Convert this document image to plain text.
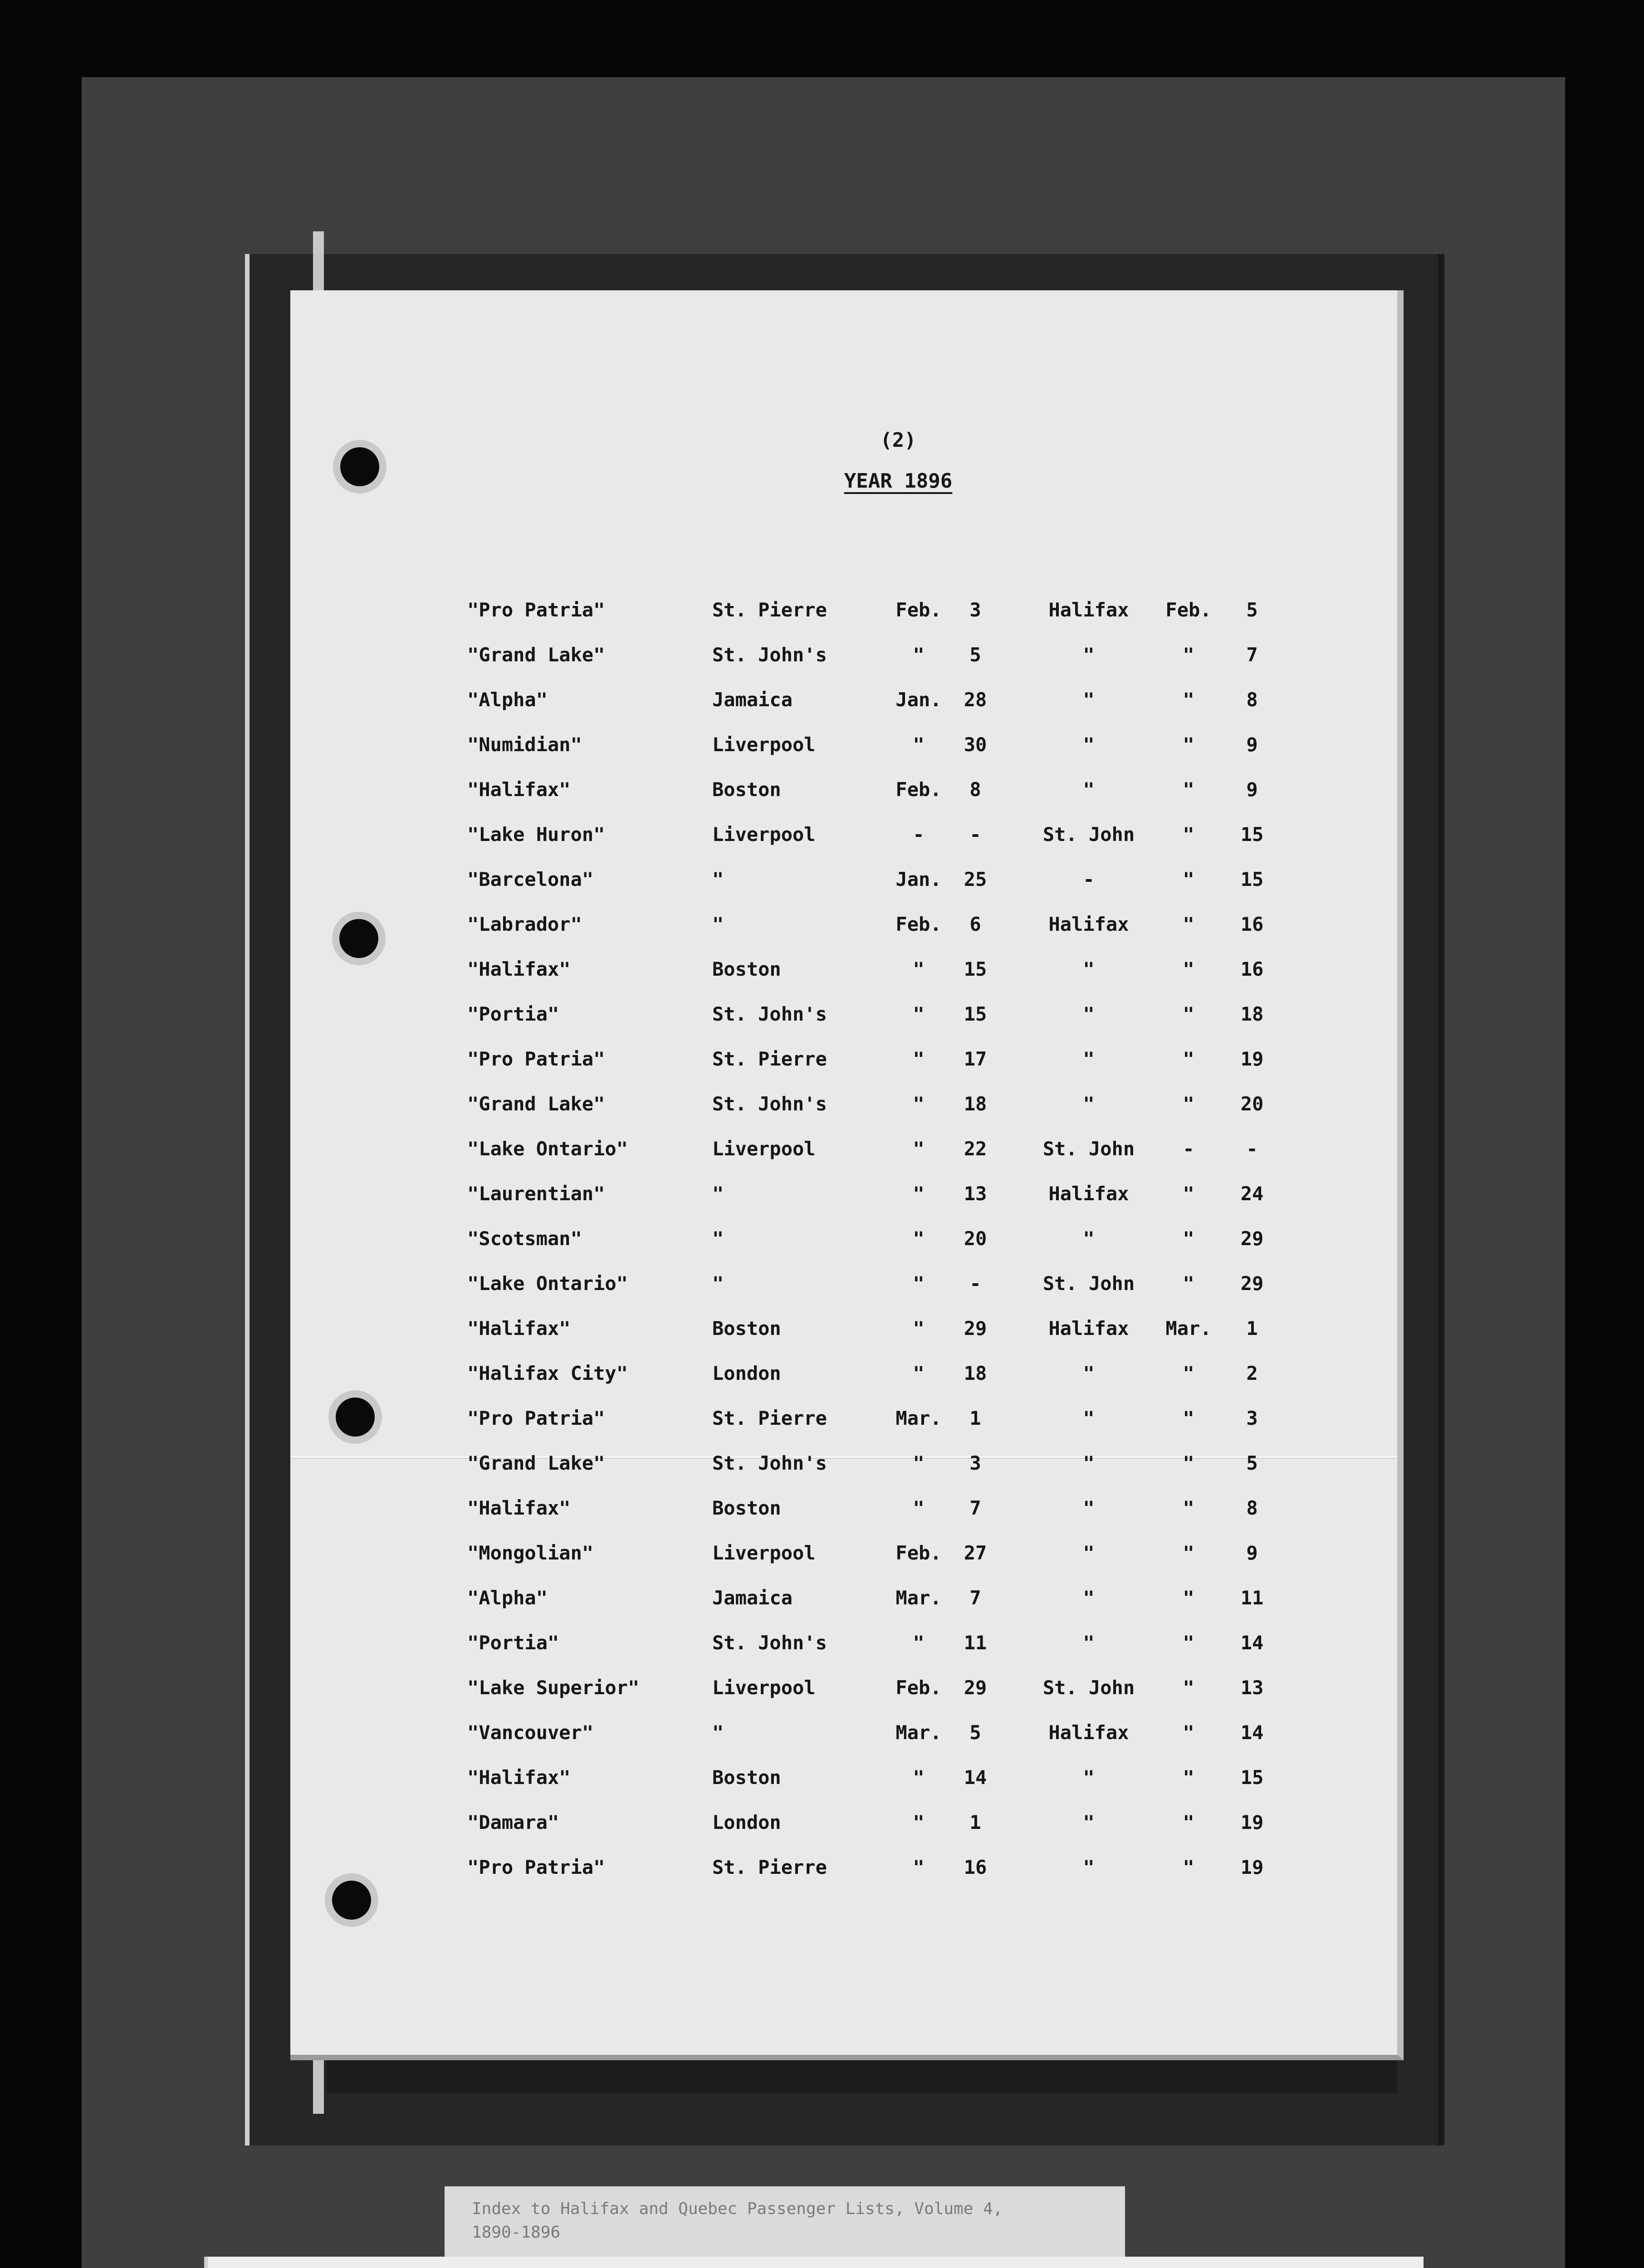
(2)
YEAR 1896
"Pro Patria"	St. Pierre	Feb.	3	Halifax	Feb.	5
"Grand Lake"	St. John's	"	5	"	"	7
"Alpha"	Jamaica	Jan.	28	"	"	8
"Numidian"	Liverpool	"	30	"	"	9
"Halifax"	Boston	Feb.	8	"	"	9
"Lake Huron"	Liverpool	-	-	St. John	"	15
"Barcelona"	"	Jan.	25	-	"	15
"Labrador"	"	Feb.	6	Halifax	"	16
"Halifax"	Boston	"	15	"	"	16
"Portia"	St. John's	"	15	"	"	18
"Pro Patria"	St. Pierre	"	17	"	"	19
"Grand Lake"	St. John's	"	18	"	"	20
"Lake Ontario"	Liverpool	"	22	St. John	-	-
"Laurentian"	"	"	13	Halifax	"	24
"Scotsman"	"	"	20	"	"	29
"Lake Ontario"	"	"	-	St. John	"	29
"Halifax"	Boston	"	29	Halifax	Mar.	1
"Halifax City"	London	"	18	"	"	2
"Pro Patria"	St. Pierre	Mar.	1	"	"	3
"Grand Lake"	St. John's	"	3	"	"	5
"Halifax"	Boston	"	7	"	"	8
"Mongolian"	Liverpool	Feb.	27	"	"	9
"Alpha"	Jamaica	Mar.	7	"	"	11
"Portia"	St. John's	"	11	"	"	14
"Lake Superior"	Liverpool	Feb.	29	St. John	"	13
"Vancouver"	"	Mar.	5	Halifax	"	14
"Halifax"	Boston	"	14	"	"	15
"Damara"	London	"	1	"	"	19
"Pro Patria"	St. Pierre	"	16	"	"	19
Index to Halifax and Quebec Passenger Lists, Volume 4,
1890-1896
